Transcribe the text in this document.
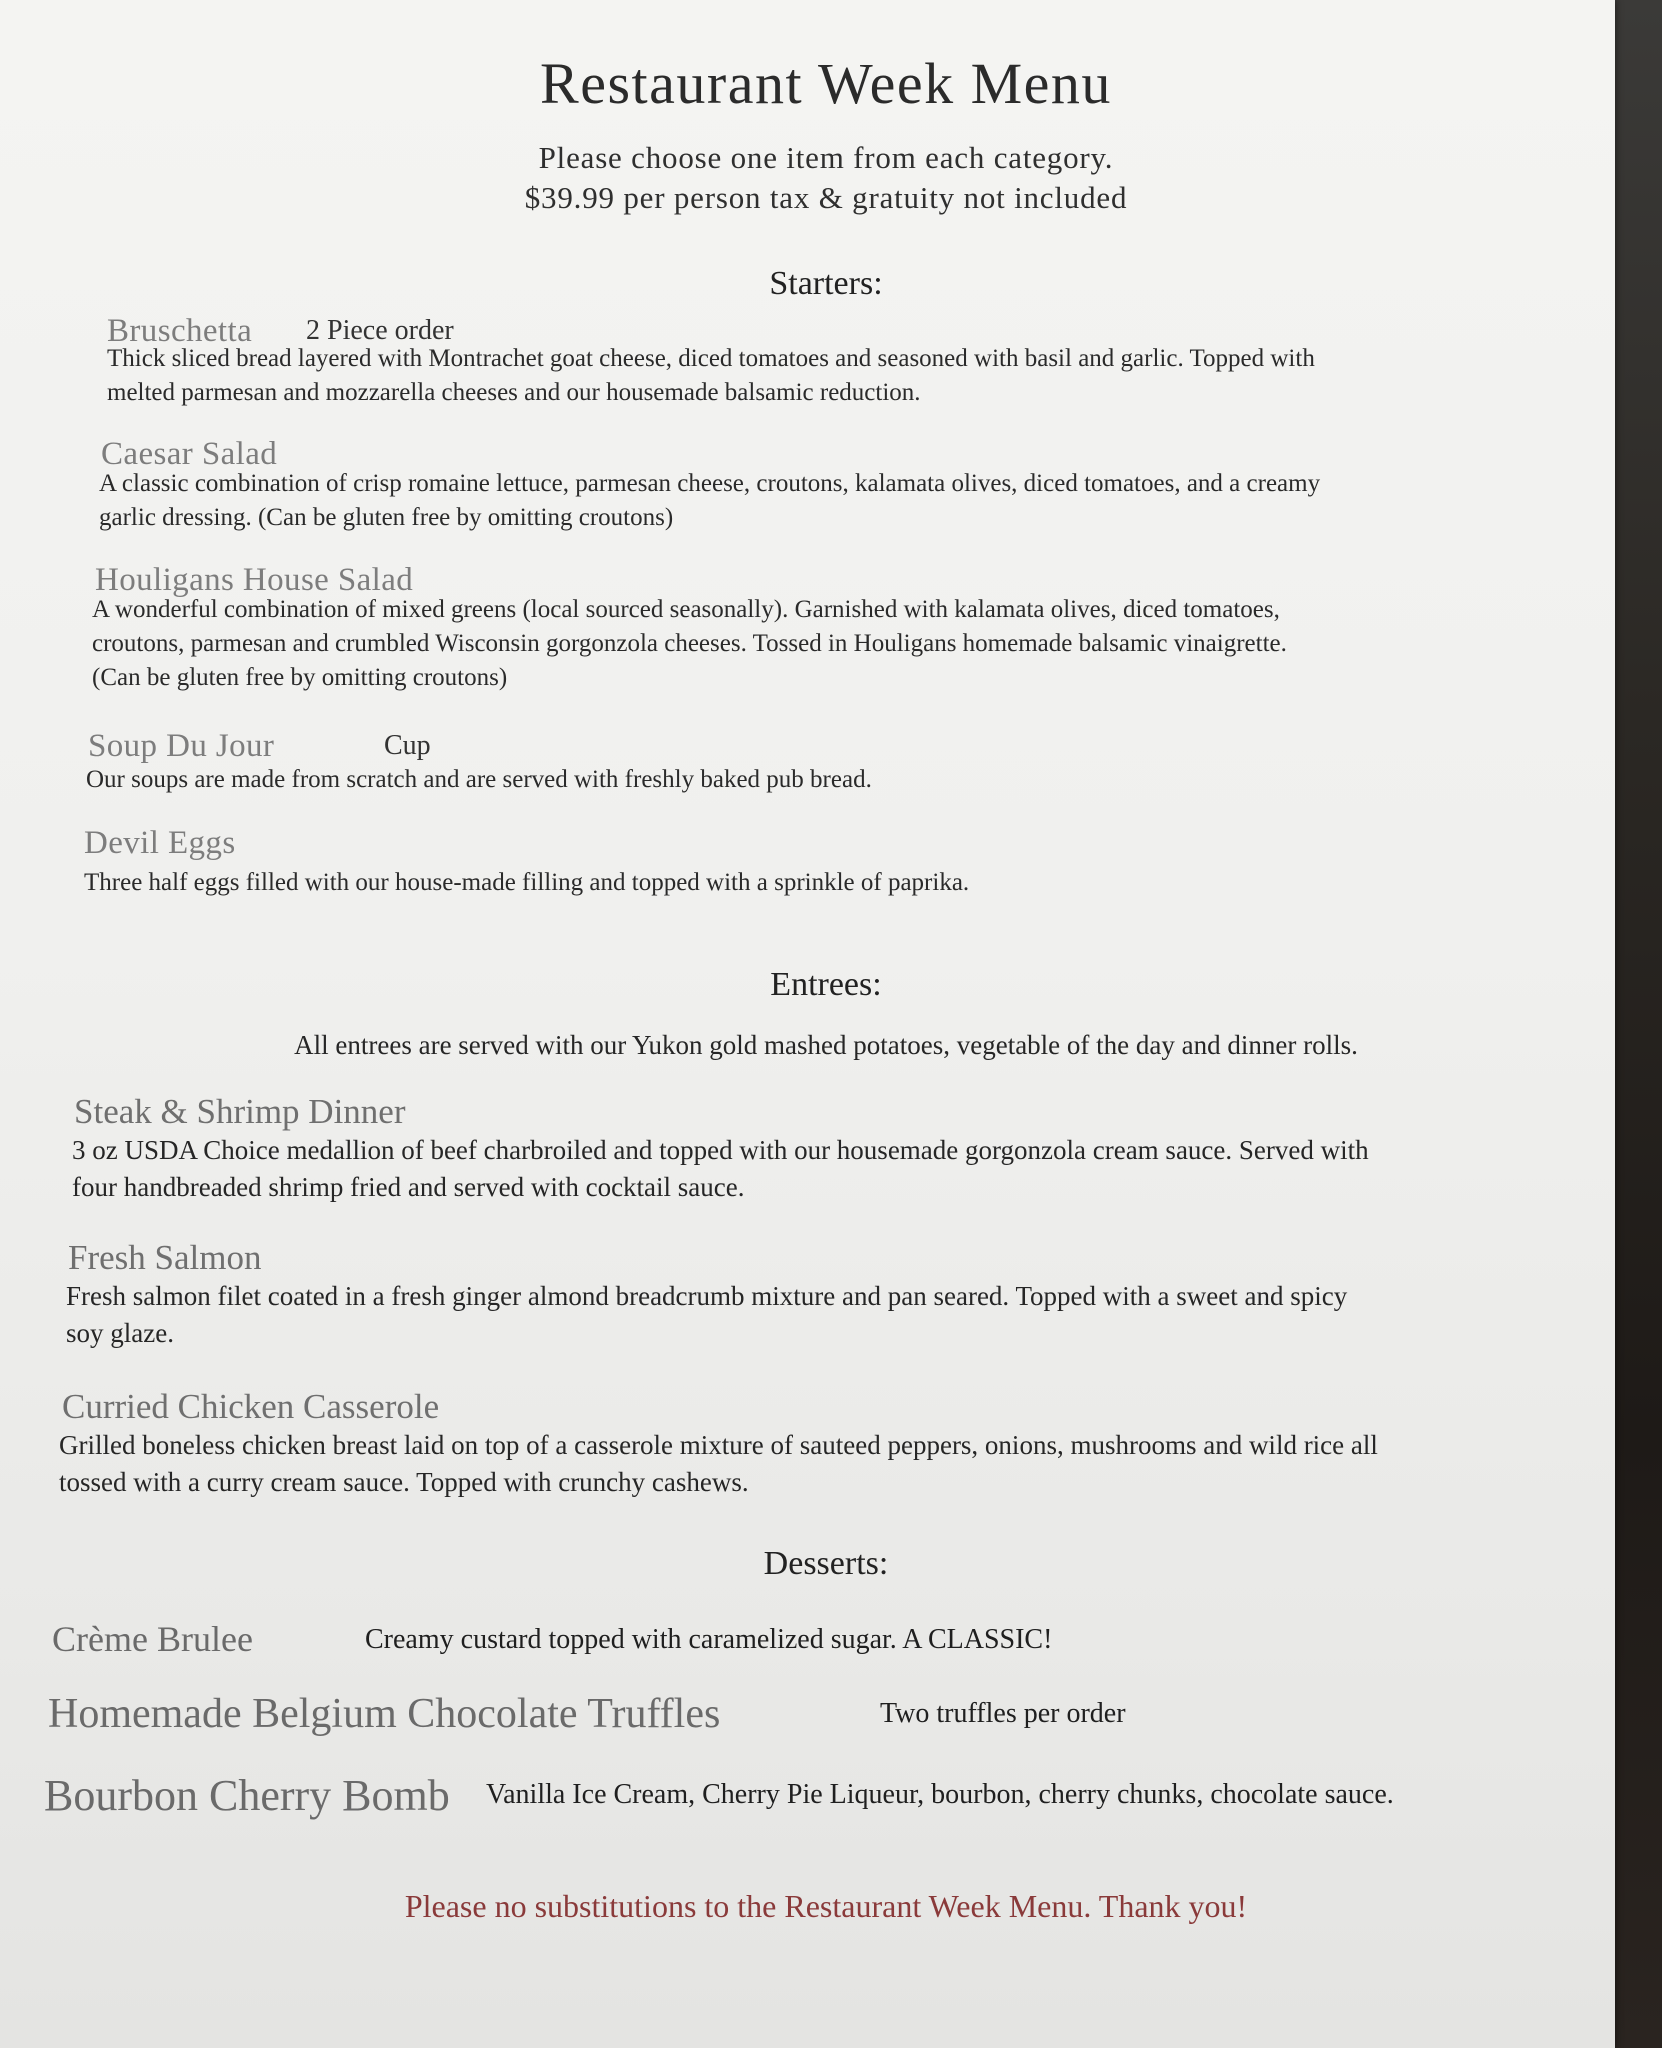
Restaurant Week Menu
Please choose one item from each category.
$39.99 per person tax & gratuity not included
Starters:
Bruschetta 2 Piece order
Thick sliced bread layered with Montrachet goat cheese, diced tomatoes and seasoned with basil and garlic. Topped with
melted parmesan and mozzarella cheeses and our housemade balsamic reduction.
Caesar Salad
A classic combination of crisp romaine lettuce, parmesan cheese, croutons, kalamata olives, diced tomatoes, and a creamy
garlic dressing. (Can be gluten free by omitting croutons)
Houligans House Salad
A wonderful combination of mixed greens (local sourced seasonally). Garnished with kalamata olives, diced tomatoes,
croutons, parmesan and crumbled Wisconsin gorgonzola cheeses. Tossed in Houligans homemade balsamic vinaigrette.
(Can be gluten free by omitting croutons)
Soup Du Jour	Cup
Our soups are made from scratch and are served with freshly baked pub bread.
Devil Eggs
Three half eggs filled with our house-made filling and topped with a sprinkle of paprika.
Entrees:
All entrees are served with our Yukon gold mashed potatoes, vegetable of the day and dinner rolls.
Steak & Shrimp Dinner
3 oz USDA Choice medallion of beef charbroiled and topped with our housemade gorgonzola cream sauce. Served with
four handbreaded shrimp fried and served with cocktail sauce.
Fresh Salmon
Fresh salmon filet coated in a fresh ginger almond breadcrumb mixture and pan seared. Topped with a sweet and spicy
soy glaze.
Curried Chicken Casserole
Grilled boneless chicken breast laid on top of a casserole mixture of sauteed peppers, onions, mushrooms and wild rice all
tossed with a curry cream sauce. Topped with crunchy cashews.
Desserts:
Crème Brulee	Creamy custard topped with caramelized sugar. A CLASSIC!
Homemade Belgium Chocolate Truffles	Two truffles per order
Bourbon Cherry Bomb Vanilla Ice Cream, Cherry Pie Liqueur, bourbon, cherry chunks, chocolate sauce.
Please no substitutions to the Restaurant Week Menu. Thank you!
